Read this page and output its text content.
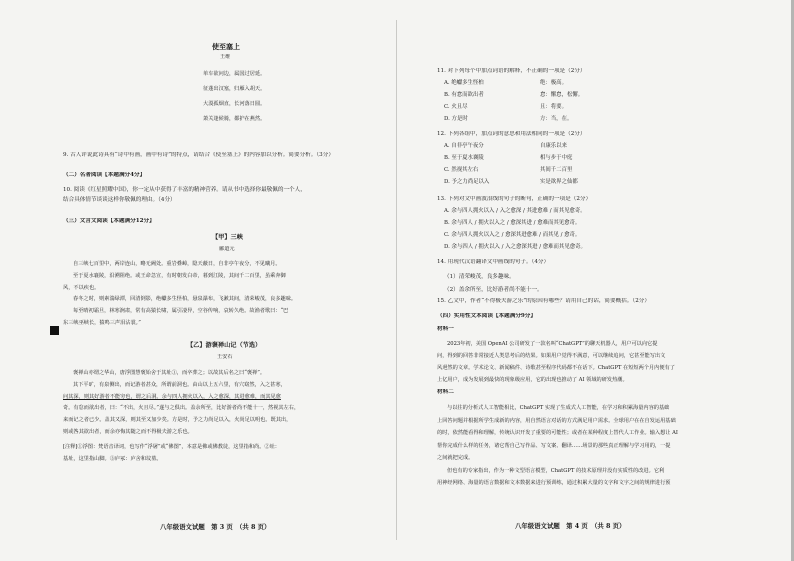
使至塞上
王维
单车欲问边，属国过居延。
征蓬出汉塞，归雁入胡天。
大漠孤烟直，长河落日圆。
萧关逢候骑，都护在燕然。
9. 古人评说此诗具有“诗中有画，画中有诗”的特点，请结合《使至塞上》的内容加以分析。简要分析。（3分）
（二）名著阅读【本题满分4分】
10. 阅读《红星照耀中国》，你一定从中获得了丰富的精神营养。请从书中选择你最敬佩的一个人，
结合具体情节谈谈这样你敬佩的理由。（4分）
（三）文言文阅读【本题满分12分】
【甲】三峡
郦道元
自三峡七百里中，两岸连山，略无阙处。重岩叠嶂，隐天蔽日，自非亭午夜分，不见曦月。
至于夏水襄陵，沿溯阻绝。或王命急宣，有时朝发白帝，暮到江陵，其间千二百里，虽乘奔御
风，不以疾也。
春冬之时，则素湍绿潭，回清倒影，绝巘多生怪柏，悬泉瀑布，飞漱其间，清荣峻茂，良多趣味。
每至晴初霜旦，林寒涧肃，常有高猿长啸，属引凄异，空谷传响，哀转久绝。故渔者歌曰：“巴
东三峡巫峡长，猿鸣三声泪沾裳。”
【乙】游褒禅山记（节选）
王安石
褒禅山亦谓之华山，唐浮图慧褒始舍于其址①，而卒葬之；以故其后名之曰“褒禅”。
其下平旷，有泉侧出，而记游者甚众，所谓前洞也。由山以上五六里，有穴窈然，入之甚寒，
问其深，则其好游者不能穷也，谓之后洞。余与四人拥火以入，入之愈深，其进愈难，而其见愈
奇。有怠而欲出者，曰：“不出，火且尽。”遂与之俱出。盖余所至，比好游者尚不能十一，然视其左右，
来而记之者已少。盖其又深，则其至又加少矣。方是时，予之力尚足以入，火尚足以明也。既其出，
则或咎其欲出者，而余亦悔其随之而不得极夫游之乐也。
[注释]①浮图：梵语音译词，也写作“浮屠”或“佛图”，本意是佛或佛教徒，这里指和尚。②址：
基址，这里指山脚。③庐冢：庐舍和坟墓。
八年级语文试题　第 3 页　（共 8 页）
11. 对下列每个中加点词语的解释，不正确的一项是（2分）
A. 绝巘多生怪柏	绝：极高。
B. 有怠而欲出者	怠：懈怠，松懈。
C. 火且尽	且：将要。
D. 方是时	方：当，在。
12. 下列各组中，加点词的意思和用法相同的一项是（2分）
A. 自非亭午夜分	自康乐以来
B. 至于夏水襄陵	相与步于中庭
C. 然视其左右	其间千二百里
D. 予之力尚足以入	实是欲界之仙都
13. 下列对文中画波浪线的句子的断句，正确的一项是（2分）
A. 余与四人拥火以入 / 入之愈深 / 其进愈难 / 而其见愈奇。
B. 余与四人 / 拥火以入之 / 愈深其进 / 愈难而其见愈奇。
C. 余与四人拥火以入之 / 愈深其进愈难 / 而其见 / 愈奇。
D. 余与四人 / 拥火以入 / 入之愈深其进 / 愈难而其见愈奇。
14. 用现代汉语翻译文中画线的句子。（4分）
（1）清荣峻茂，良多趣味。
（2）盖余所至，比好游者尚不能十一。
15. 乙文中，作者“不得极夫游之乐”的原因有哪些？请用自己的话，简要概括。（2分）
（四）实用性文本阅读【本题满分9分】
材料一
2023年初，美国 OpenAI 公司研发了一款名叫“ChatGPT”的聊天机器人，用户可以向它提
问，得到的回答非常接近人类思考后的结果。如果用户觉得不满意，可以继续追问，它甚至能写出文
风迥然的文章。学术论文、新闻稿件、诗歌甚至程序代码都不在话下。ChatGPT 在短短两个月内便有了
上亿用户，成为发展到最快的现象级应用，它的出现也推动了 AI 领域的研发热潮。
材料二
与以往的分析式人工智能相比，ChatGPT 实现了生成式人工智能，在学习和积累海量内容的基础
上回答问题并根据所学生成新的内容，用自然语言对话的方式满足用户需求。全球用户在在自发运用基础
的时，依然能看得和理解，传统认识开发了重要的可能性；或者在某种程度上替代人工作业。输入想让 AI
帮你完成什么样的任务，诸它帮自己写作品、写文案、翻译……场景的那些真正理解与学习用的，一提
之间就把完成。
但也有的专家指出，作为一种文型语言模型，ChatGPT 的技术原理并没有实质性的改进。它利
用神经网络、海量的语言数据和文本数据来进行预训练，通过积累大量的文字和文字之间的规律进行预
八年级语文试题　第 4 页　（共 8 页）
